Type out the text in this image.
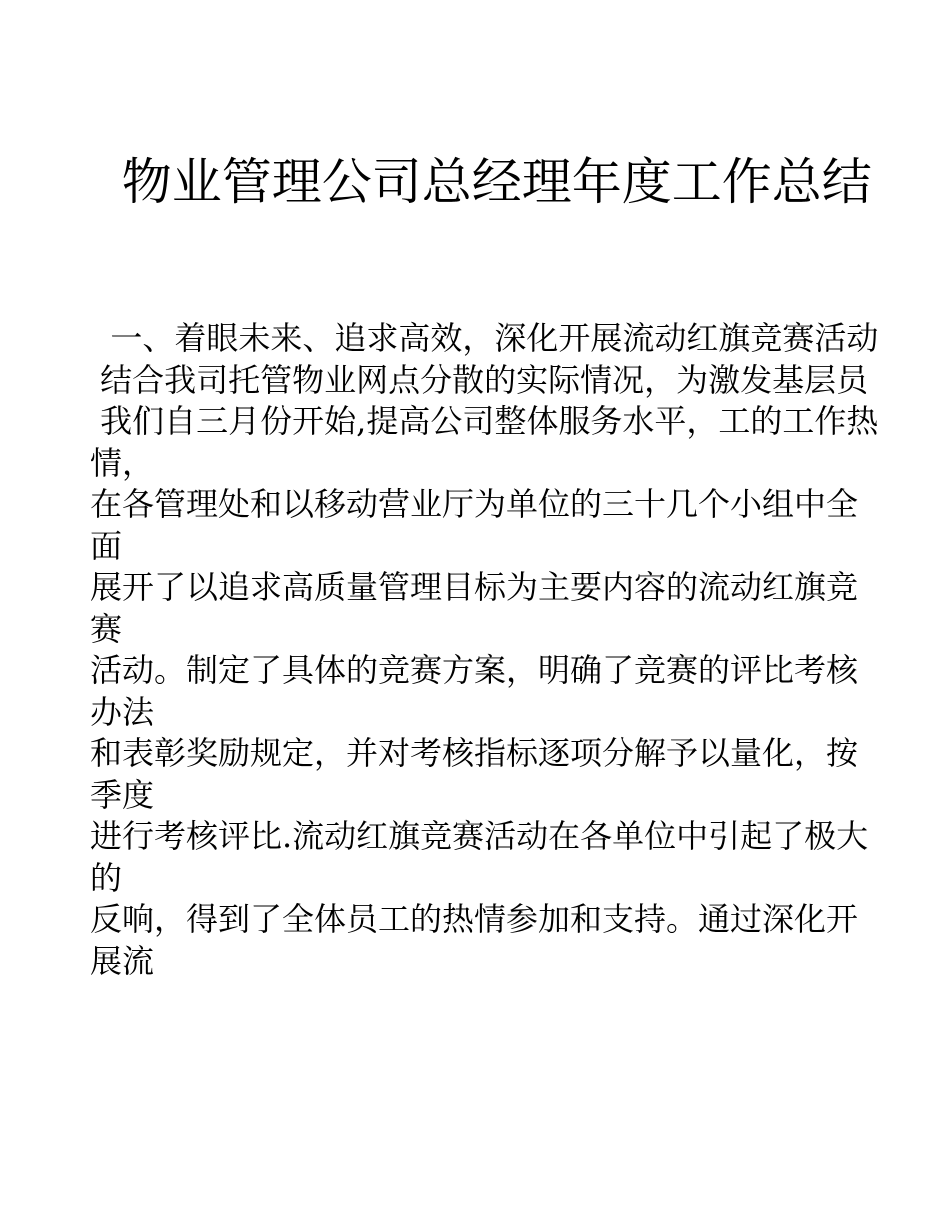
物业管理公司总经理年度工作总结

一、着眼未来、追求高效，深化开展流动红旗竞赛活动

结合我司托管物业网点分散的实际情况，为激发基层员

我们自三月份开始,提高公司整体服务水平，工的工作热情，

在各管理处和以移动营业厅为单位的三十几个小组中全面

展开了以追求高质量管理目标为主要内容的流动红旗竞赛

活动。制定了具体的竞赛方案，明确了竞赛的评比考核办法

和表彰奖励规定，并对考核指标逐项分解予以量化，按季度

进行考核评比.流动红旗竞赛活动在各单位中引起了极大的

反响，得到了全体员工的热情参加和支持。通过深化开展流
